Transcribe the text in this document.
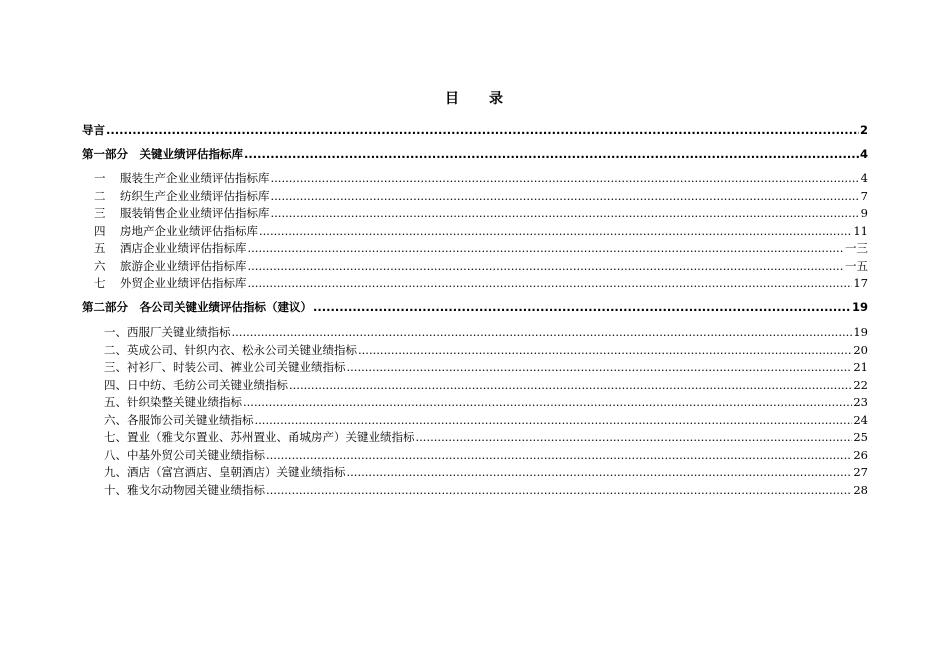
目 录
导言 .....	2
第一部分　关键业绩评估指标库 .....	4
一 服装生产企业业绩评估指标库 .....	4
二 纺织生产企业业绩评估指标库 .....	7
三 服装销售企业业绩评估指标库 .....	9
四 房地产企业业绩评估指标库 .....	11
五 酒店企业业绩评估指标库 .....	一三
六 旅游企业业绩评估指标库 .....	一五
七 外贸企业业绩评估指标库 .....	17
第二部分　各公司关键业绩评估指标（建议） .....	19
一、西服厂关键业绩指标 .....	19
二、英成公司、针织内衣、松永公司关键业绩指标 .....	20
三、衬衫厂、时装公司、裤业公司关键业绩指标 .....	21
四、日中纺、毛纺公司关键业绩指标 .....	22
五、针织染整关键业绩指标 .....	23
六、各服饰公司关键业绩指标 .....	24
七、置业（雅戈尔置业、苏州置业、甬城房产）关键业绩指标 .....	25
八、中基外贸公司关键业绩指标 .....	26
九、酒店（富宫酒店、皇朝酒店）关键业绩指标 .....	27
十、雅戈尔动物园关键业绩指标 .....	28
